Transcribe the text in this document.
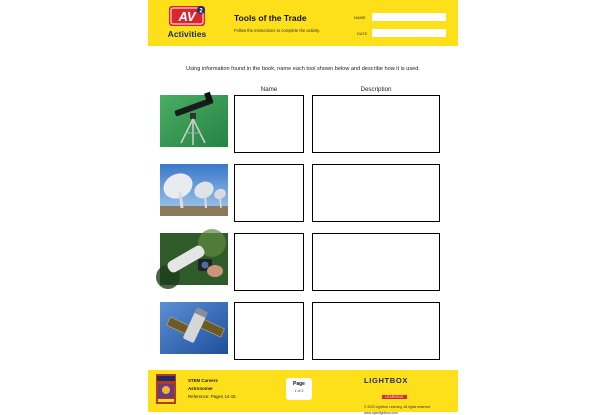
AV 2
Activities
Tools of the Trade
Follow the instructions to complete the activity.
NAME
DATE
Using information found in the book, name each tool shown below and describe how it is used.
Name	Description
STEM Careers
Astronomer
Reference: Pages 14-15
Page
1 of 2
LIGHTBOX
LEARNING
© 2020 Lightbox Learning. All rights reserved.
www.openlightbox.com
